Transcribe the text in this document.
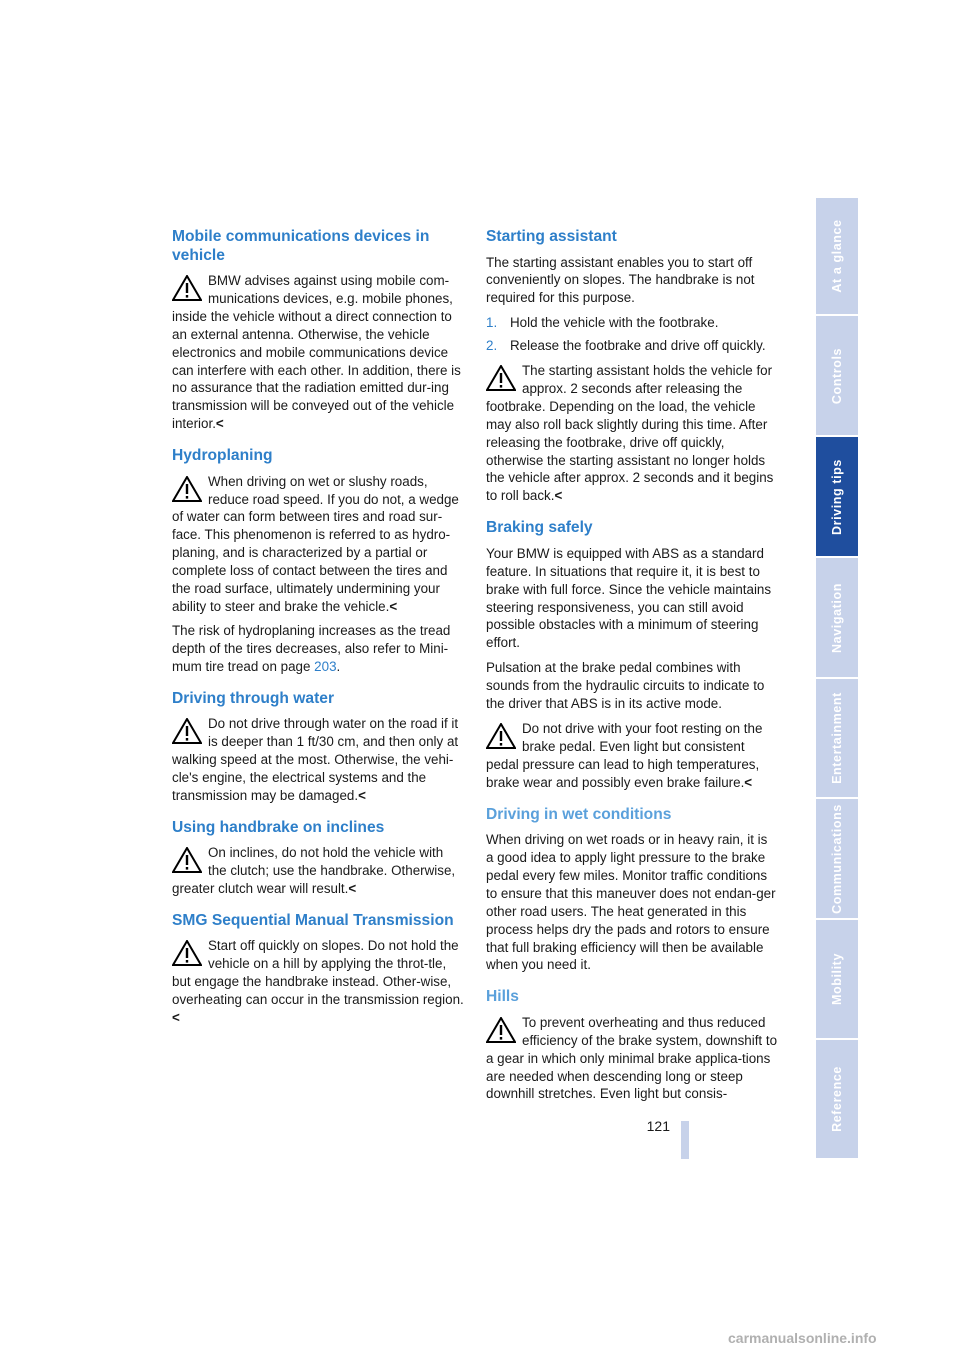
Mobile communications devices in vehicle
BMW advises against using mobile com-munications devices, e.g. mobile phones, inside the vehicle without a direct connection to an external antenna. Otherwise, the vehicle electronics and mobile communications device can interfere with each other. In addition, there is no assurance that the radiation emitted dur-ing transmission will be conveyed out of the vehicle interior.<
Hydroplaning
When driving on wet or slushy roads, reduce road speed. If you do not, a wedge of water can form between tires and road sur-face. This phenomenon is referred to as hydro-planing, and is characterized by a partial or complete loss of contact between the tires and the road surface, ultimately undermining your ability to steer and brake the vehicle.<

The risk of hydroplaning increases as the tread depth of the tires decreases, also refer to Mini-mum tire tread on page 203.

Driving through water
Do not drive through water on the road if it is deeper than 1 ft/30 cm, and then only at walking speed at the most. Otherwise, the vehi-cle's engine, the electrical systems and the transmission may be damaged.<
Using handbrake on inclines
On inclines, do not hold the vehicle with the clutch; use the handbrake. Otherwise, greater clutch wear will result.<
SMG Sequential Manual Transmission
Start off quickly on slopes. Do not hold the vehicle on a hill by applying the throt-tle, but engage the handbrake instead. Other-wise, overheating can occur in the transmission region.<
Starting assistant

The starting assistant enables you to start off conveniently on slopes. The handbrake is not required for this purpose.

1. Hold the vehicle with the footbrake.
2. Release the footbrake and drive off quickly.
The starting assistant holds the vehicle for approx. 2 seconds after releasing the footbrake. Depending on the load, the vehicle may also roll back slightly during this time. After releasing the footbrake, drive off quickly, otherwise the starting assistant no longer holds the vehicle after approx. 2 seconds and it begins to roll back.<
Braking safely

Your BMW is equipped with ABS as a standard feature. In situations that require it, it is best to brake with full force. Since the vehicle maintains steering responsiveness, you can still avoid possible obstacles with a minimum of steering effort.

Pulsation at the brake pedal combines with sounds from the hydraulic circuits to indicate to the driver that ABS is in its active mode.

Do not drive with your foot resting on the brake pedal. Even light but consistent pedal pressure can lead to high temperatures, brake wear and possibly even brake failure.<
Driving in wet conditions

When driving on wet roads or in heavy rain, it is a good idea to apply light pressure to the brake pedal every few miles. Monitor traffic conditions to ensure that this maneuver does not endan-ger other road users. The heat generated in this process helps dry the pads and rotors to ensure that full braking efficiency will then be available when you need it.

Hills
To prevent overheating and thus reduced efficiency of the brake system, downshift to a gear in which only minimal brake applica-tions are needed when descending long or steep downhill stretches. Even light but consis-
At a glance
Controls
Driving tips
Navigation
Entertainment
Communications
Mobility
Reference
121
carmanualsonline.info
